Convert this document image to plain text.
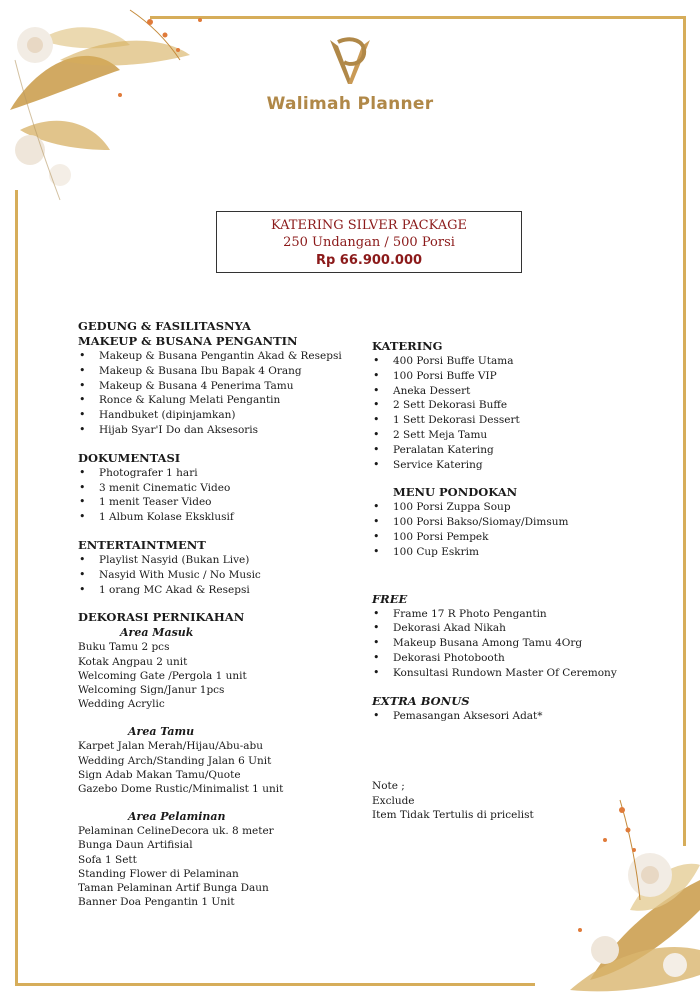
Walimah Planner
KATERING SILVER PACKAGE
250 Undangan / 500 Porsi
Rp 66.900.000
GEDUNG & FASILITASNYA
MAKEUP & BUSANA PENGANTIN
• Makeup & Busana Pengantin Akad & Resepsi
• Makeup & Busana Ibu Bapak 4 Orang
• Makeup & Busana 4 Penerima Tamu
• Ronce & Kalung Melati Pengantin
• Handbuket (dipinjamkan)
• Hijab Syar'I Do dan Aksesoris
DOKUMENTASI
• Photografer 1 hari
• 3 menit Cinematic Video
• 1 menit Teaser Video
• 1 Album Kolase Eksklusif
ENTERTAINTMENT
• Playlist Nasyid (Bukan Live)
• Nasyid With Music / No Music
• 1 orang MC Akad & Resepsi
DEKORASI PERNIKAHAN
Area Masuk
Buku Tamu 2 pcs
Kotak Angpau 2 unit
Welcoming Gate /Pergola 1 unit
Welcoming Sign/Janur 1pcs
Wedding Acrylic
Area Tamu
Karpet Jalan Merah/Hijau/Abu-abu
Wedding Arch/Standing Jalan 6 Unit
Sign Adab Makan Tamu/Quote
Gazebo Dome Rustic/Minimalist 1 unit
Area Pelaminan
Pelaminan CelineDecora uk. 8 meter
Bunga Daun Artifisial
Sofa 1 Sett
Standing Flower di Pelaminan
Taman Pelaminan Artif Bunga Daun
Banner Doa Pengantin 1 Unit
KATERING
• 400 Porsi Buffe Utama
• 100 Porsi Buffe VIP
• Aneka Dessert
• 2 Sett Dekorasi Buffe
• 1 Sett Dekorasi Dessert
• 2 Sett Meja Tamu
• Peralatan Katering
• Service Katering
MENU PONDOKAN
• 100 Porsi Zuppa Soup
• 100 Porsi Bakso/Siomay/Dimsum
• 100 Porsi Pempek
• 100 Cup Eskrim
FREE
• Frame 17 R Photo Pengantin
• Dekorasi Akad Nikah
• Makeup Busana Among Tamu 4Org
• Dekorasi Photobooth
• Konsultasi Rundown Master Of Ceremony
EXTRA BONUS
• Pemasangan Aksesori Adat*
Note ;
Exclude
Item Tidak Tertulis di pricelist
